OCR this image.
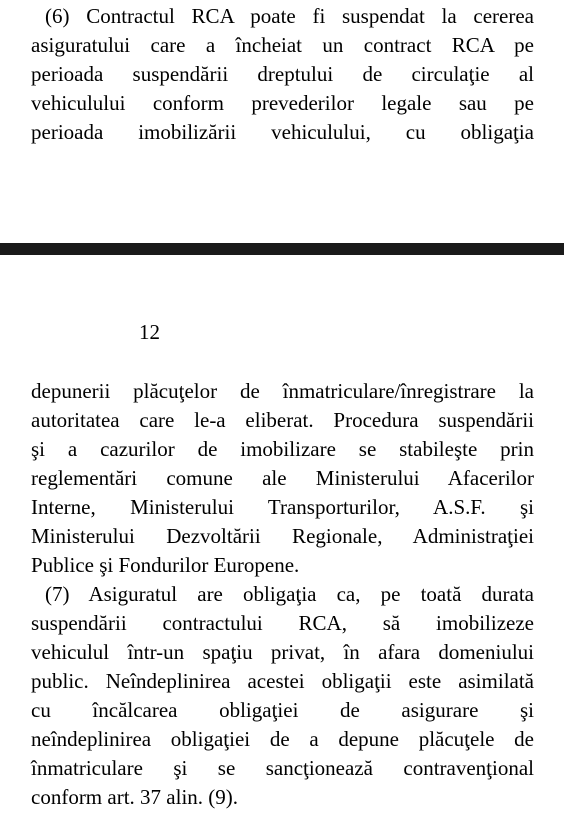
(6) Contractul RCA poate fi suspendat la cererea
asiguratului care a încheiat un contract RCA pe
perioada suspendării dreptului de circulaţie al
vehiculului conform prevederilor legale sau pe
perioada imobilizării vehiculului, cu obligaţia
12
depunerii plăcuţelor de înmatriculare/înregistrare la
autoritatea care le-a eliberat. Procedura suspendării
şi a cazurilor de imobilizare se stabileşte prin
reglementări comune ale Ministerului Afacerilor
Interne, Ministerului Transporturilor, A.S.F. şi
Ministerului Dezvoltării Regionale, Administraţiei
Publice şi Fondurilor Europene.
(7) Asiguratul are obligaţia ca, pe toată durata
suspendării contractului RCA, să imobilizeze
vehiculul într-un spaţiu privat, în afara domeniului
public. Neîndeplinirea acestei obligaţii este asimilată
cu încălcarea obligaţiei de asigurare şi
neîndeplinirea obligaţiei de a depune plăcuţele de
înmatriculare şi se sancţionează contravenţional
conform art. 37 alin. (9).
